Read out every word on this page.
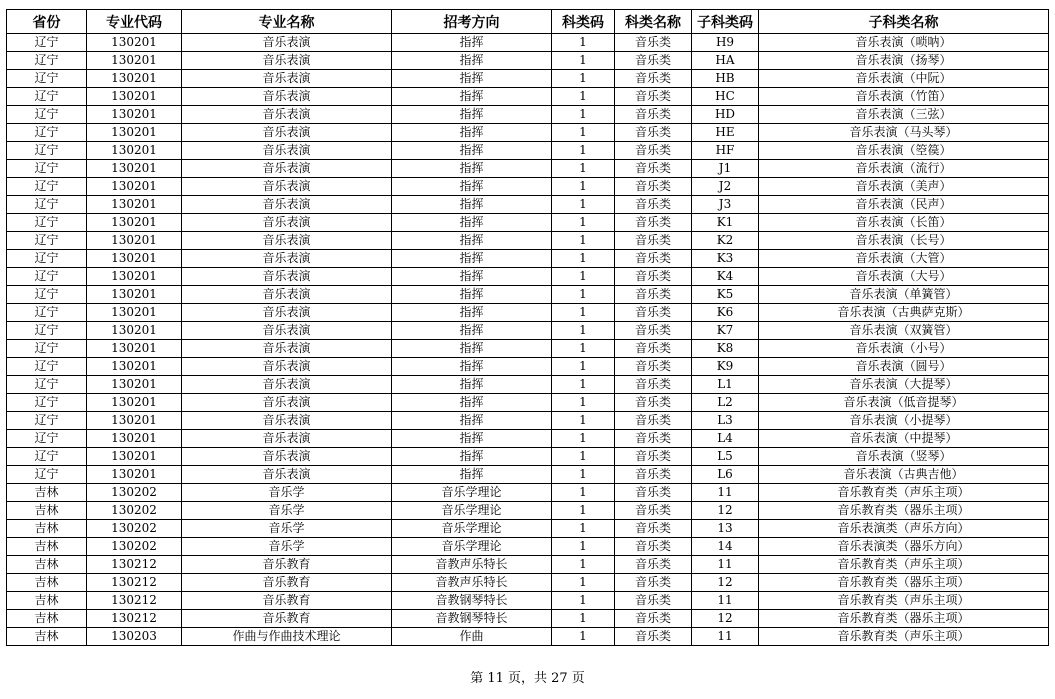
省份	专业代码	专业名称	招考方向	科类码	科类名称	子科类码	子科类名称
辽宁	130201	音乐表演	指挥	1	音乐类	H9	音乐表演（唢呐）
辽宁	130201	音乐表演	指挥	1	音乐类	HA	音乐表演（扬琴）
辽宁	130201	音乐表演	指挥	1	音乐类	HB	音乐表演（中阮）
辽宁	130201	音乐表演	指挥	1	音乐类	HC	音乐表演（竹笛）
辽宁	130201	音乐表演	指挥	1	音乐类	HD	音乐表演（三弦）
辽宁	130201	音乐表演	指挥	1	音乐类	HE	音乐表演（马头琴）
辽宁	130201	音乐表演	指挥	1	音乐类	HF	音乐表演（箜篌）
辽宁	130201	音乐表演	指挥	1	音乐类	J1	音乐表演（流行）
辽宁	130201	音乐表演	指挥	1	音乐类	J2	音乐表演（美声）
辽宁	130201	音乐表演	指挥	1	音乐类	J3	音乐表演（民声）
辽宁	130201	音乐表演	指挥	1	音乐类	K1	音乐表演（长笛）
辽宁	130201	音乐表演	指挥	1	音乐类	K2	音乐表演（长号）
辽宁	130201	音乐表演	指挥	1	音乐类	K3	音乐表演（大管）
辽宁	130201	音乐表演	指挥	1	音乐类	K4	音乐表演（大号）
辽宁	130201	音乐表演	指挥	1	音乐类	K5	音乐表演（单簧管）
辽宁	130201	音乐表演	指挥	1	音乐类	K6	音乐表演（古典萨克斯）
辽宁	130201	音乐表演	指挥	1	音乐类	K7	音乐表演（双簧管）
辽宁	130201	音乐表演	指挥	1	音乐类	K8	音乐表演（小号）
辽宁	130201	音乐表演	指挥	1	音乐类	K9	音乐表演（圆号）
辽宁	130201	音乐表演	指挥	1	音乐类	L1	音乐表演（大提琴）
辽宁	130201	音乐表演	指挥	1	音乐类	L2	音乐表演（低音提琴）
辽宁	130201	音乐表演	指挥	1	音乐类	L3	音乐表演（小提琴）
辽宁	130201	音乐表演	指挥	1	音乐类	L4	音乐表演（中提琴）
辽宁	130201	音乐表演	指挥	1	音乐类	L5	音乐表演（竖琴）
辽宁	130201	音乐表演	指挥	1	音乐类	L6	音乐表演（古典吉他）
吉林	130202	音乐学	音乐学理论	1	音乐类	11	音乐教育类（声乐主项）
吉林	130202	音乐学	音乐学理论	1	音乐类	12	音乐教育类（器乐主项）
吉林	130202	音乐学	音乐学理论	1	音乐类	13	音乐表演类（声乐方向）
吉林	130202	音乐学	音乐学理论	1	音乐类	14	音乐表演类（器乐方向）
吉林	130212	音乐教育	音教声乐特长	1	音乐类	11	音乐教育类（声乐主项）
吉林	130212	音乐教育	音教声乐特长	1	音乐类	12	音乐教育类（器乐主项）
吉林	130212	音乐教育	音教钢琴特长	1	音乐类	11	音乐教育类（声乐主项）
吉林	130212	音乐教育	音教钢琴特长	1	音乐类	12	音乐教育类（器乐主项）
吉林	130203	作曲与作曲技术理论	作曲	1	音乐类	11	音乐教育类（声乐主项）
第 11 页，共 27 页
